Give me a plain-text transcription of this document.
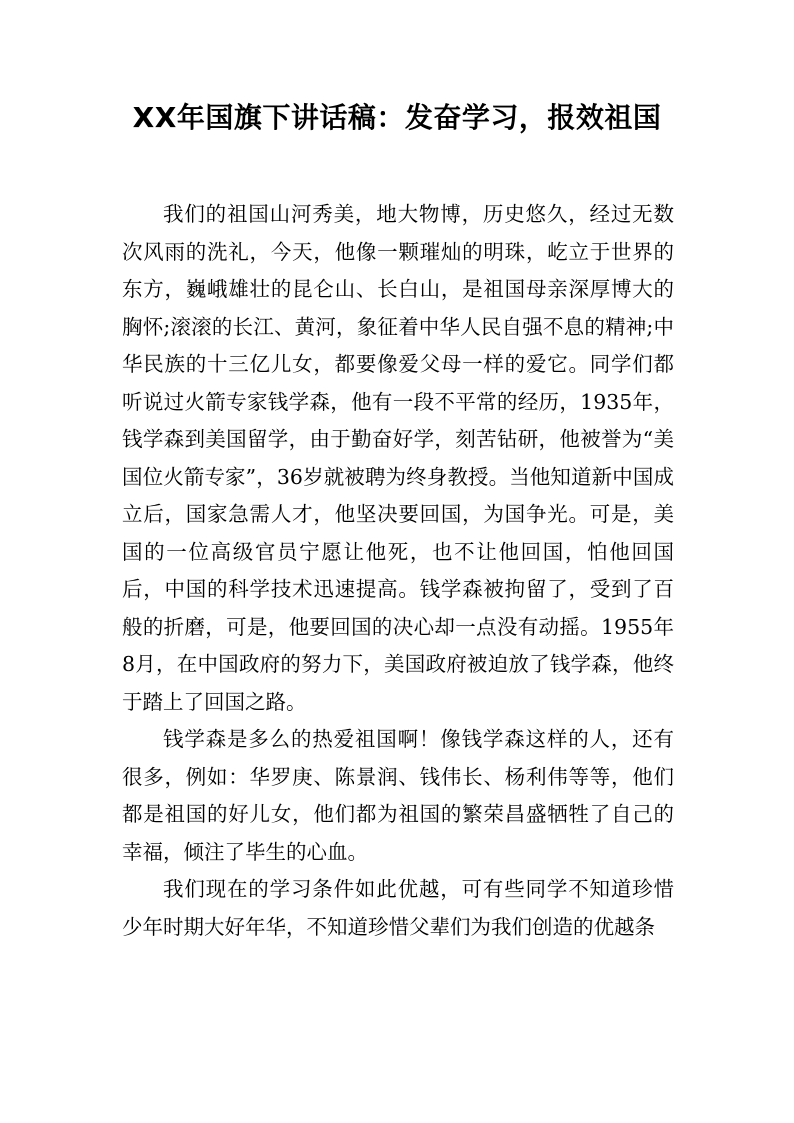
XX年国旗下讲话稿：发奋学习，报效祖国

我们的祖国山河秀美，地大物博，历史悠久，经过无数次风雨的洗礼，今天，他像一颗璀灿的明珠，屹立于世界的东方，巍峨雄壮的昆仑山、长白山，是祖国母亲深厚博大的胸怀;滚滚的长江、黄河，象征着中华人民自强不息的精神;中华民族的十三亿儿女，都要像爱父母一样的爱它。同学们都听说过火箭专家钱学森，他有一段不平常的经历，1935年，钱学森到美国留学，由于勤奋好学，刻苦钻研，他被誉为“美国位火箭专家”，36岁就被聘为终身教授。当他知道新中国成立后，国家急需人才，他坚决要回国，为国争光。可是，美国的一位高级官员宁愿让他死，也不让他回国，怕他回国后，中国的科学技术迅速提高。钱学森被拘留了，受到了百般的折磨，可是，他要回国的决心却一点没有动摇。1955年8月，在中国政府的努力下，美国政府被迫放了钱学森，他终于踏上了回国之路。

钱学森是多么的热爱祖国啊！像钱学森这样的人，还有很多，例如：华罗庚、陈景润、钱伟长、杨利伟等等，他们都是祖国的好儿女，他们都为祖国的繁荣昌盛牺牲了自己的幸福，倾注了毕生的心血。

我们现在的学习条件如此优越，可有些同学不知道珍惜少年时期大好年华，不知道珍惜父辈们为我们创造的优越条
